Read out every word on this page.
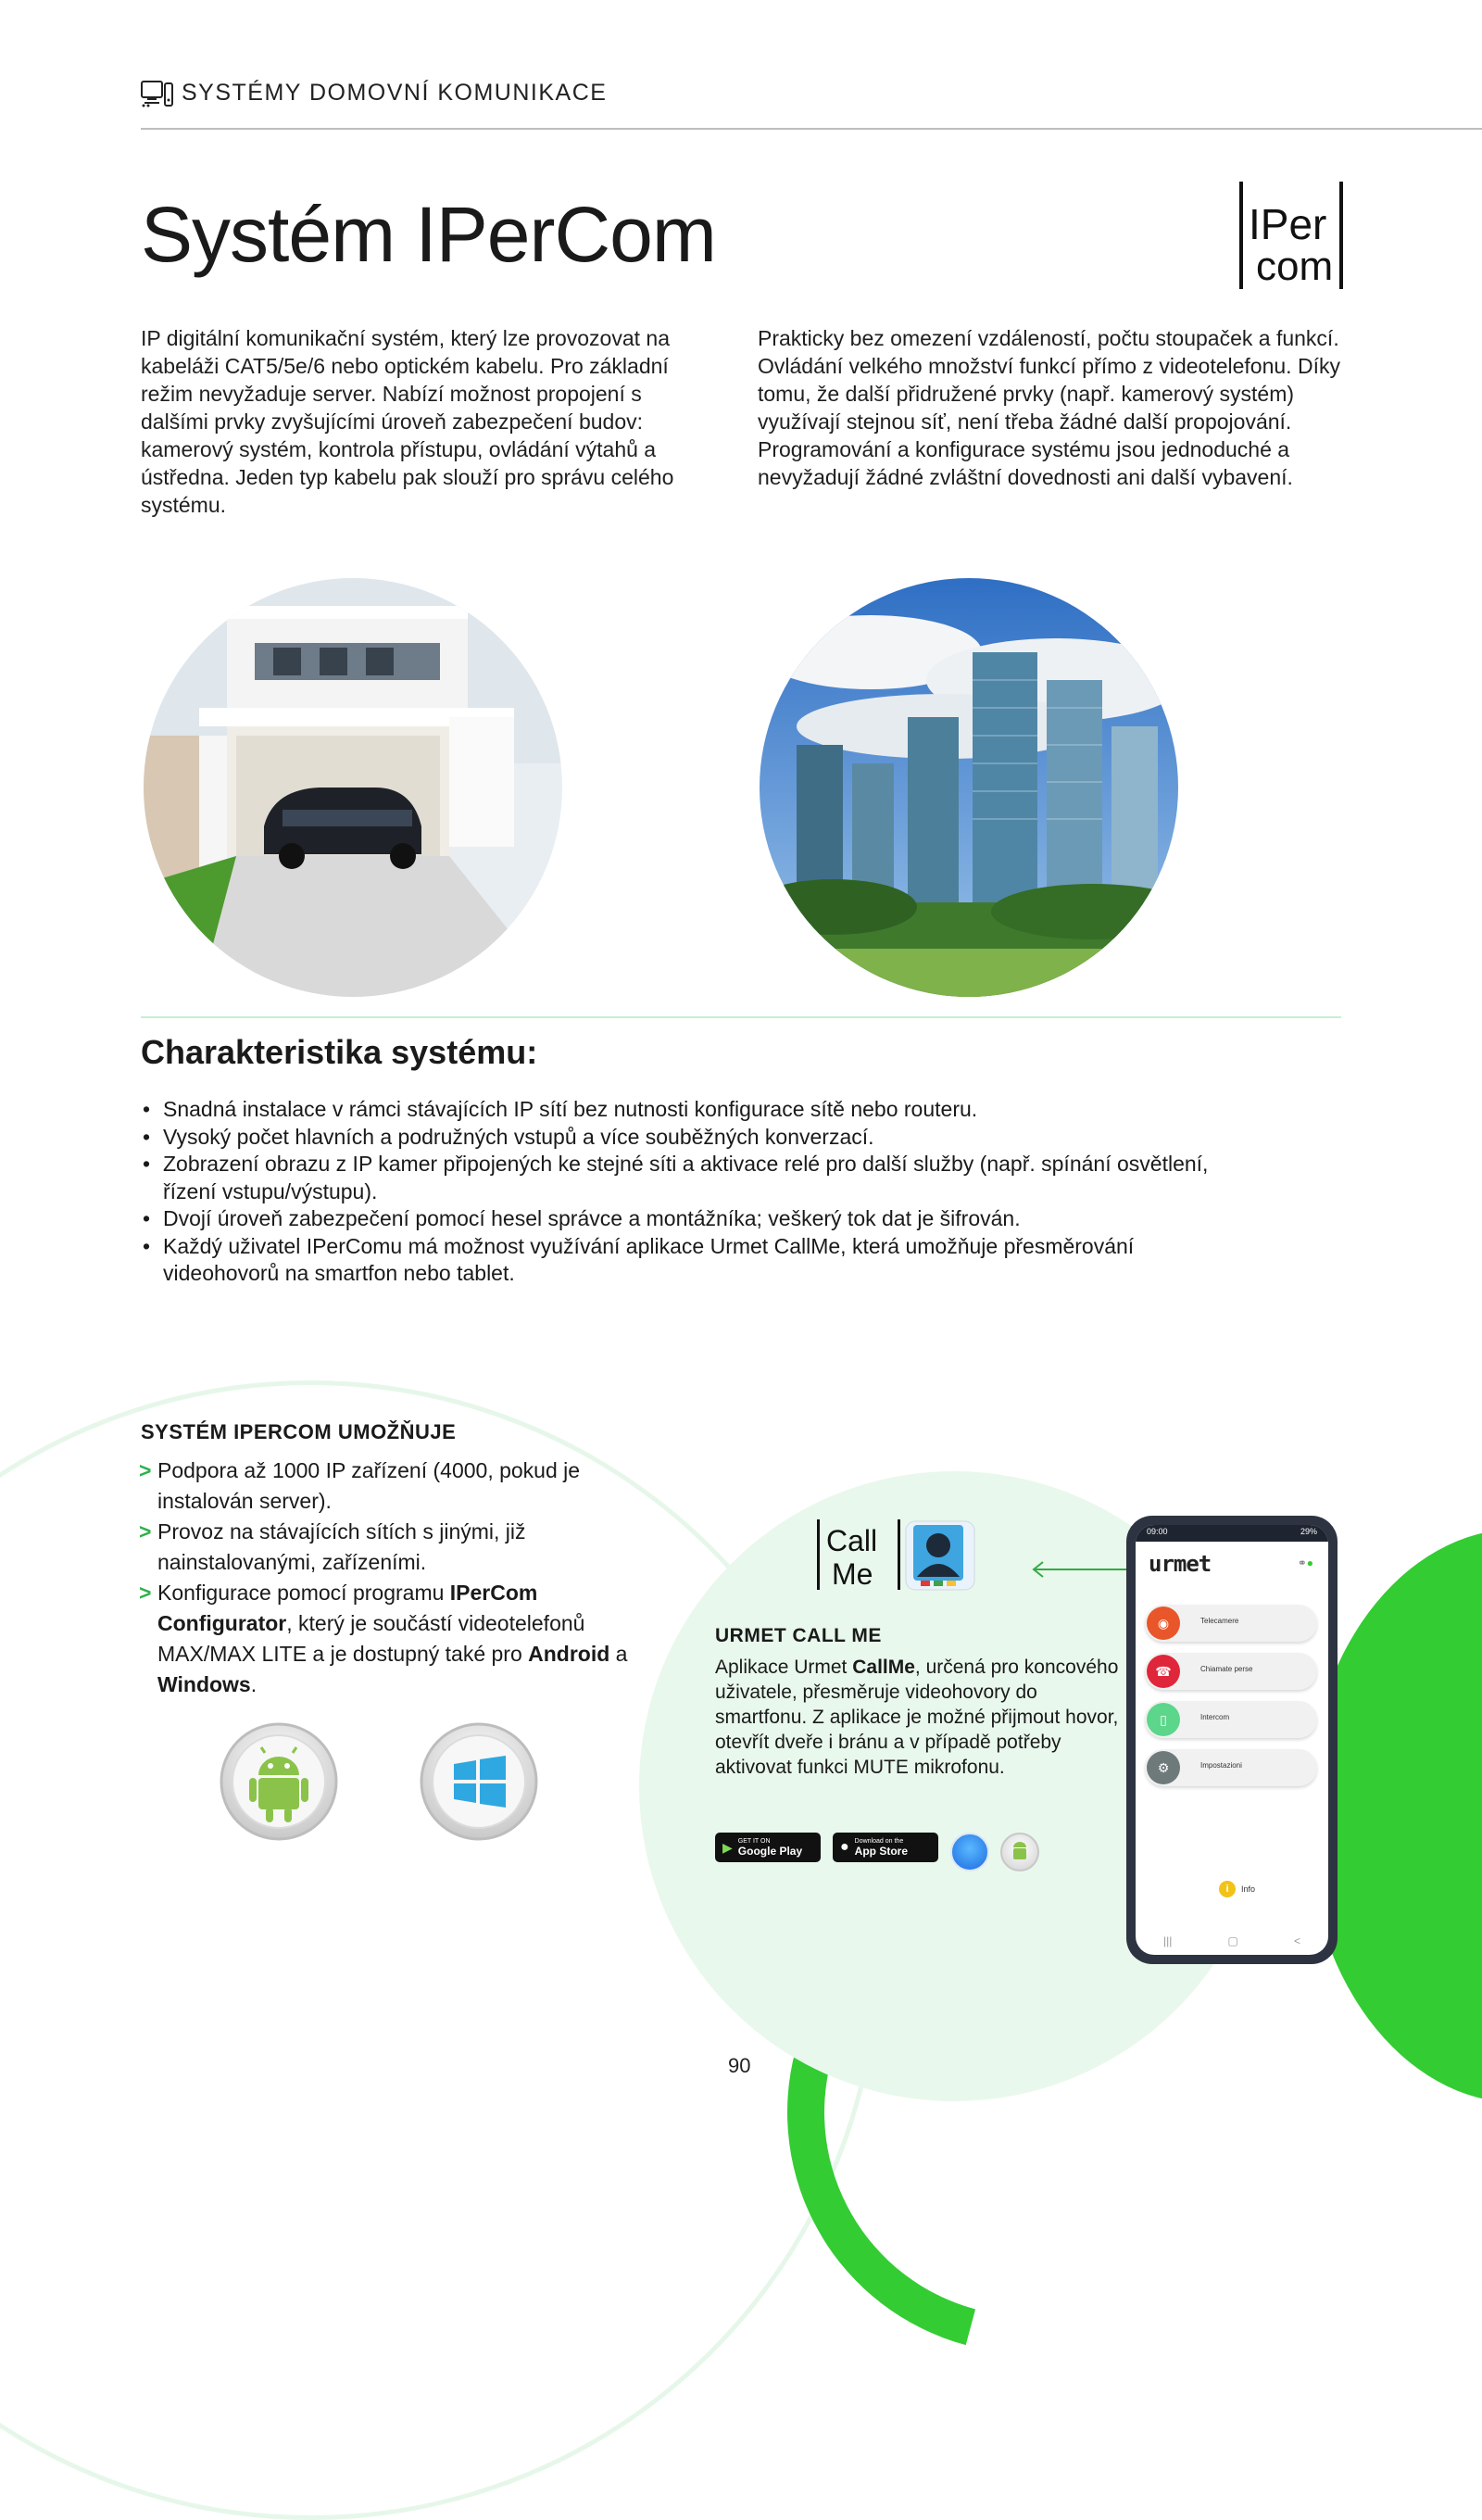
SYSTÉMY DOMOVNÍ KOMUNIKACE
Systém IPerCom	IPer
com

IP digitální komunikační systém, který lze provozovat na kabeláži CAT5/5e/6 nebo optickém kabelu. Pro základní režim nevyžaduje server. Nabízí možnost propojení s dalšími prvky zvyšujícími úroveň zabezpečení budov: kamerový systém, kontrola přístupu, ovládání výtahů a ústředna. Jeden typ kabelu pak slouží pro správu celého systému.

Prakticky bez omezení vzdáleností, počtu stoupaček a funkcí. Ovládání velkého množství funkcí přímo z videotelefonu. Díky tomu, že další přidružené prvky (např. kamerový systém) využívají stejnou síť, není třeba žádné další propojování.

Programování a konfigurace systému jsou jednoduché a nevyžadují žádné zvláštní dovednosti ani další vybavení.

Charakteristika systému:
• Snadná instalace v rámci stávajících IP sítí bez nutnosti konfigurace sítě nebo routeru.
• Vysoký počet hlavních a podružných vstupů a více souběžných konverzací.
• Zobrazení obrazu z IP kamer připojených ke stejné síti a aktivace relé pro další služby (např. spínání osvětlení, řízení vstupu/výstupu).
• Dvojí úroveň zabezpečení pomocí hesel správce a montážníka; veškerý tok dat je šifrován.
• Každý uživatel IPerComu má možnost využívání aplikace Urmet CallMe, která umožňuje přesměrování videohovorů na smartfon nebo tablet.
SYSTÉM IPERCOM UMOŽŇUJE
> Podpora až 1000 IP zařízení (4000, pokud je instalován server).
> Provoz na stávajících sítích s jinými, již nainstalovanými, zařízeními.
> Konfigurace pomocí programu IPerCom Configurator, který je součástí videotelefonů MAX/MAX LITE a je dostupný také pro Android a Windows.
Call
Me
URMET CALL ME

Aplikace Urmet CallMe, určená pro koncového uživatele, přesměruje videohovory do smartfonu. Z aplikace je možné přijmout hovor, otevřít dveře i bránu a v případě potřeby aktivovat funkci MUTE mikrofonu.

▶ GET IT ON
Google Play	● Download on the
App Store
09:00	29%
urmet	⚭●
◉	Telecamere
☎	Chiamate perse
▯	Intercom
⚙	Impostazioni
i	Info
|||	▢	<
90
